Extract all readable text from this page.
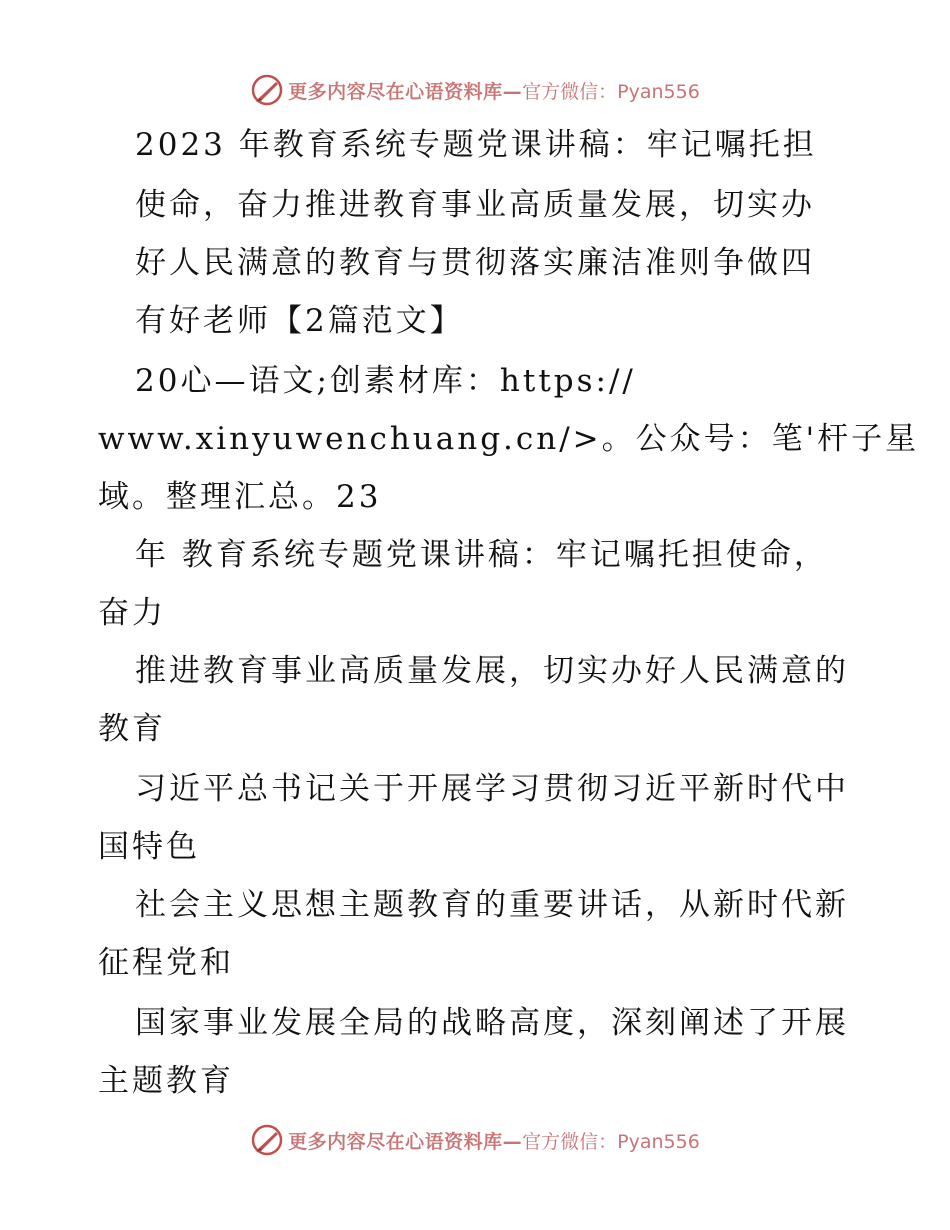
更多内容尽在心语资料库— 官方微信：Pyan556
2023 年教育系统专题党课讲稿：牢记嘱托担
使命，奋力推进教育事业高质量发展，切实办
好人民满意的教育与贯彻落实廉洁准则争做四
有好老师【2篇范文】
20心—语文;创素材库：https://
www.xinyuwenchuang.cn/>。公众号：笔'杆子星
域。整理汇总。23
年 教育系统专题党课讲稿：牢记嘱托担使命，
奋力
推进教育事业高质量发展，切实办好人民满意的
教育
习近平总书记关于开展学习贯彻习近平新时代中
国特色
社会主义思想主题教育的重要讲话，从新时代新
征程党和
国家事业发展全局的战略高度，深刻阐述了开展
主题教育
更多内容尽在心语资料库— 官方微信：Pyan556
